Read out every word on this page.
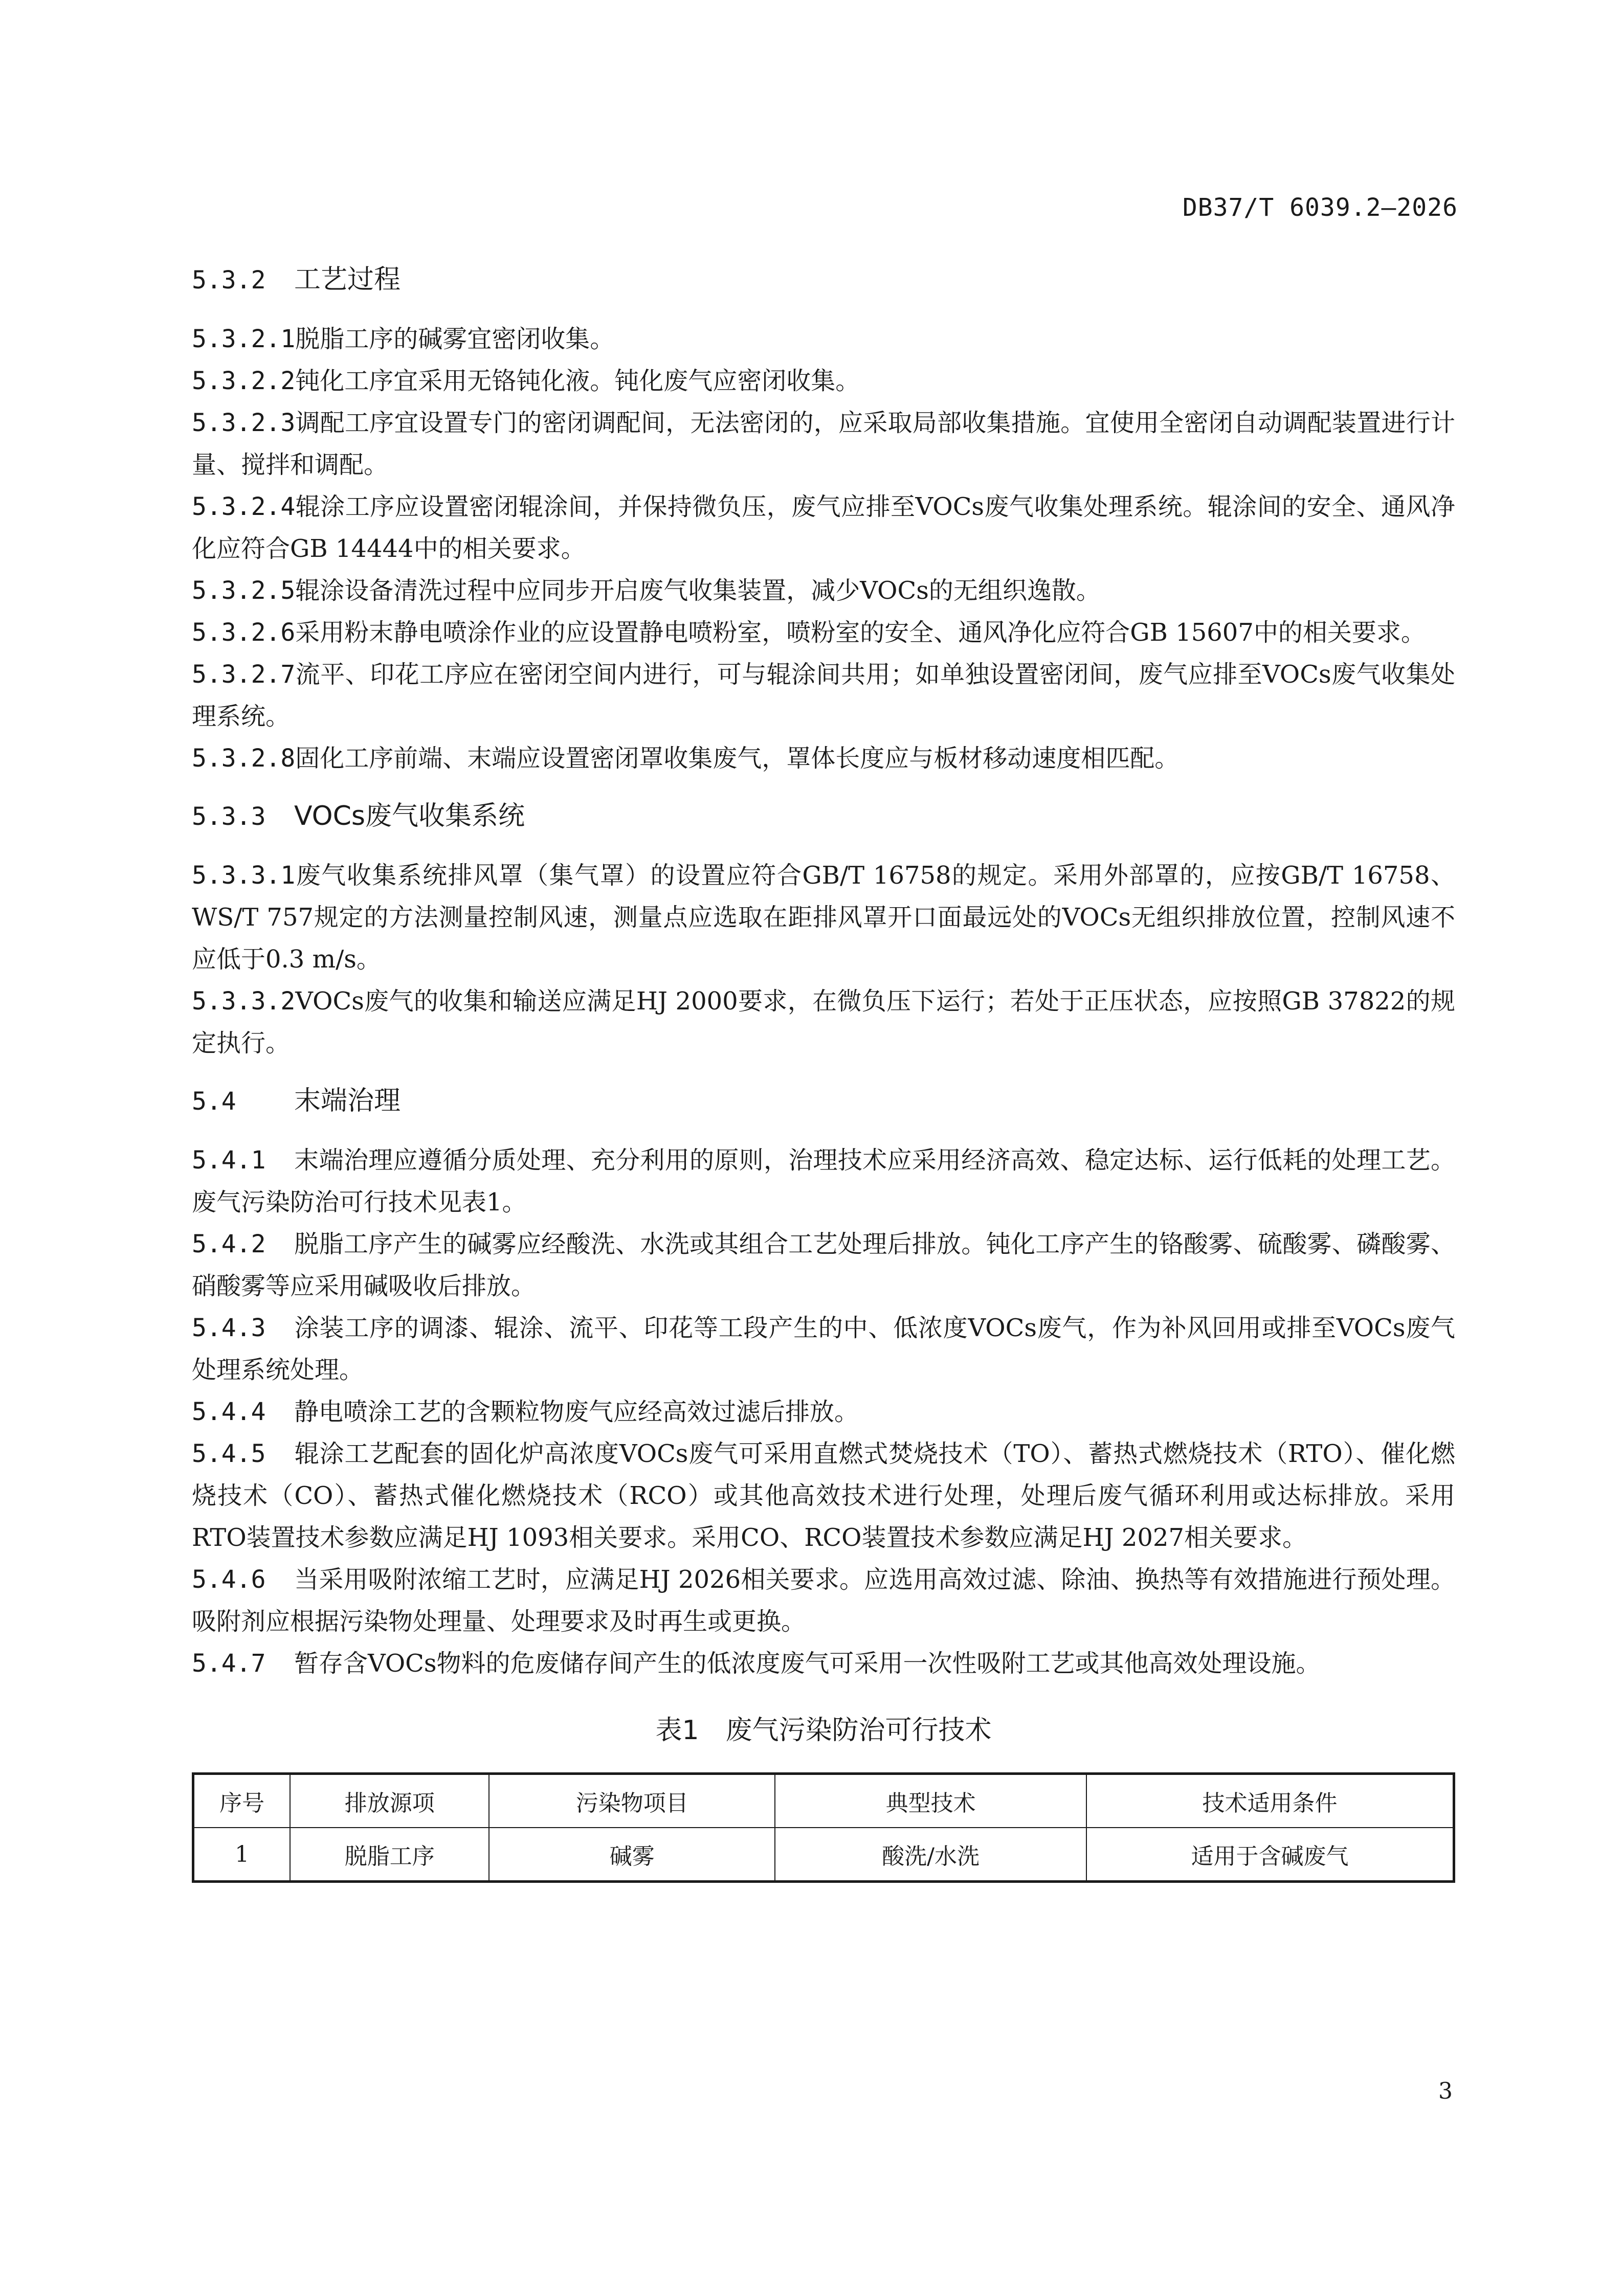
DB37/T 6039.2—2026
5.3.2 工艺过程

5.3.2.1脱脂工序的碱雾宜密闭收集。

5.3.2.2钝化工序宜采用无铬钝化液。钝化废气应密闭收集。

5.3.2.3调配工序宜设置专门的密闭调配间，无法密闭的，应采取局部收集措施。宜使用全密闭自动调配装置进行计量、搅拌和调配。

5.3.2.4辊涂工序应设置密闭辊涂间，并保持微负压，废气应排至VOCs废气收集处理系统。辊涂间的安全、通风净化应符合GB 14444中的相关要求。

5.3.2.5辊涂设备清洗过程中应同步开启废气收集装置，减少VOCs的无组织逸散。

5.3.2.6采用粉末静电喷涂作业的应设置静电喷粉室，喷粉室的安全、通风净化应符合GB 15607中的相关要求。

5.3.2.7流平、印花工序应在密闭空间内进行，可与辊涂间共用；如单独设置密闭间，废气应排至VOCs废气收集处理系统。

5.3.2.8固化工序前端、末端应设置密闭罩收集废气，罩体长度应与板材移动速度相匹配。

5.3.3 VOCs废气收集系统

5.3.3.1废气收集系统排风罩（集气罩）的设置应符合GB/T 16758的规定。采用外部罩的，应按GB/T 16758、WS/T 757规定的方法测量控制风速，测量点应选取在距排风罩开口面最远处的VOCs无组织排放位置，控制风速不应低于0.3 m/s。

5.3.3.2VOCs废气的收集和输送应满足HJ 2000要求，在微负压下运行；若处于正压状态，应按照GB 37822的规定执行。

5.4 末端治理

5.4.1 末端治理应遵循分质处理、充分利用的原则，治理技术应采用经济高效、稳定达标、运行低耗的处理工艺。废气污染防治可行技术见表1。

5.4.2 脱脂工序产生的碱雾应经酸洗、水洗或其组合工艺处理后排放。钝化工序产生的铬酸雾、硫酸雾、磷酸雾、硝酸雾等应采用碱吸收后排放。

5.4.3 涂装工序的调漆、辊涂、流平、印花等工段产生的中、低浓度VOCs废气，作为补风回用或排至VOCs废气处理系统处理。

5.4.4 静电喷涂工艺的含颗粒物废气应经高效过滤后排放。

5.4.5 辊涂工艺配套的固化炉高浓度VOCs废气可采用直燃式焚烧技术（TO）、蓄热式燃烧技术（RTO）、催化燃烧技术（CO）、蓄热式催化燃烧技术（RCO）或其他高效技术进行处理，处理后废气循环利用或达标排放。采用RTO装置技术参数应满足HJ 1093相关要求。采用CO、RCO装置技术参数应满足HJ 2027相关要求。

5.4.6 当采用吸附浓缩工艺时，应满足HJ 2026相关要求。应选用高效过滤、除油、换热等有效措施进行预处理。吸附剂应根据污染物处理量、处理要求及时再生或更换。

5.4.7 暂存含VOCs物料的危废储存间产生的低浓度废气可采用一次性吸附工艺或其他高效处理设施。

表1　废气污染防治可行技术
序号	排放源项	污染物项目	典型技术	技术适用条件
1	脱脂工序	碱雾	酸洗/水洗	适用于含碱废气
3
